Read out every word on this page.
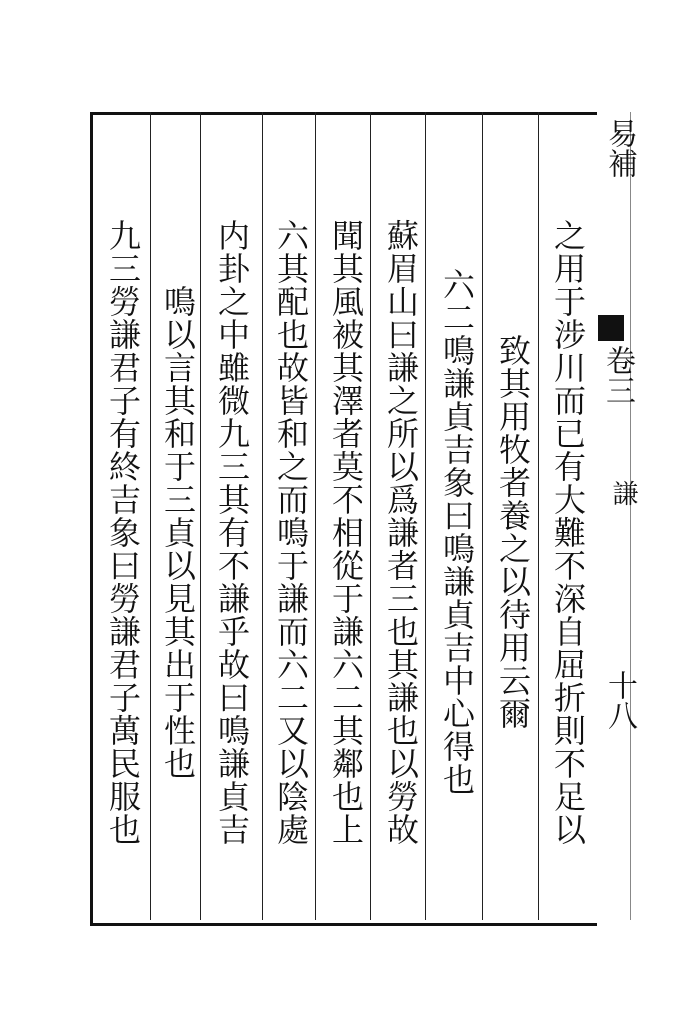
易補
卷三
謙
十八
之用于涉川而已有大難不深自屈折則不足以
致其用牧者養之以待用云爾
六二鳴謙貞吉象曰鳴謙貞吉中心得也
蘇眉山曰謙之所以爲謙者三也其謙也以勞故
聞其風被其澤者莫不相從于謙六二其鄰也上
六其配也故皆和之而鳴于謙而六二又以陰處
内卦之中雖微九三其有不謙乎故曰鳴謙貞吉
鳴以言其和于三貞以見其出于性也
九三勞謙君子有終吉象曰勞謙君子萬民服也
